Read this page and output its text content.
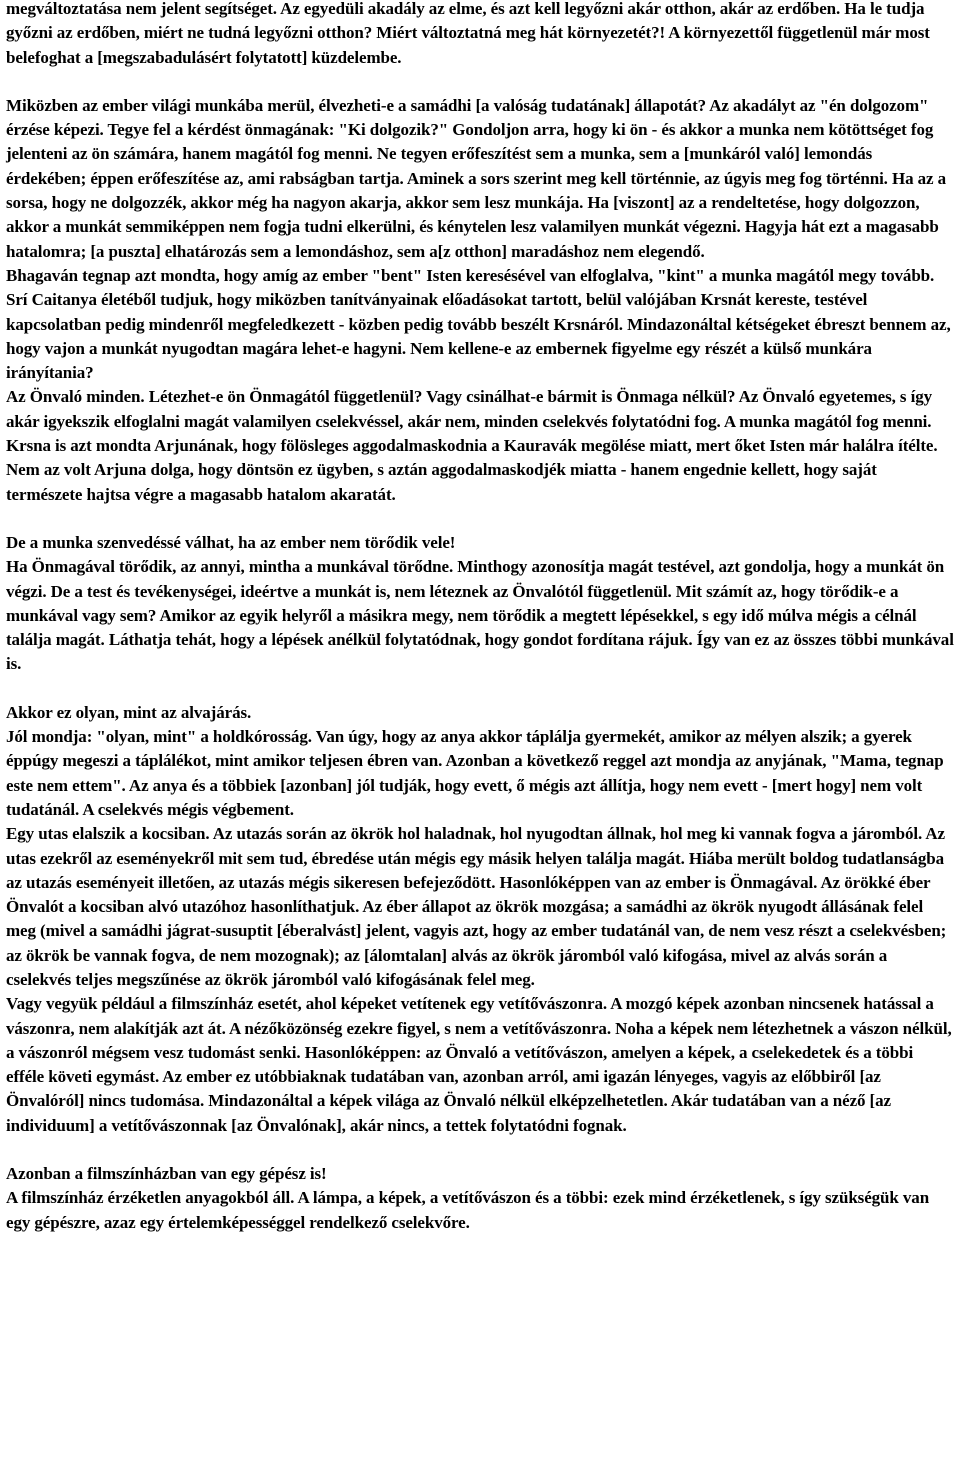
megváltoztatása nem jelent segítséget. Az egyedüli akadály az elme, és azt kell legyőzni akár otthon, akár az erdőben. Ha le tudja győzni az erdőben, miért ne tudná legyőzni otthon? Miért változtatná meg hát környezetét?! A környezettől függetlenül már most belefoghat a [megszabadulásért folytatott] küzdelembe.
Miközben az ember világi munkába merül, élvezheti-e a samádhi [a valóság tudatának] állapotát? Az akadályt az "én dolgozom" érzése képezi. Tegye fel a kérdést önmagának: "Ki dolgozik?" Gondoljon arra, hogy ki ön - és akkor a munka nem kötöttséget fog jelenteni az ön számára, hanem magától fog menni. Ne tegyen erőfeszítést sem a munka, sem a [munkáról való] lemondás érdekében; éppen erőfeszítése az, ami rabságban tartja. Aminek a sors szerint meg kell történnie, az úgyis meg fog történni. Ha az a sorsa, hogy ne dolgozzék, akkor még ha nagyon akarja, akkor sem lesz munkája. Ha [viszont] az a rendeltetése, hogy dolgozzon, akkor a munkát semmiképpen nem fogja tudni elkerülni, és kénytelen lesz valamilyen munkát végezni. Hagyja hát ezt a magasabb hatalomra; [a puszta] elhatározás sem a lemondáshoz, sem a[z otthon] maradáshoz nem elegendő.
Bhagaván tegnap azt mondta, hogy amíg az ember "bent" Isten keresésével van elfoglalva, "kint" a munka magától megy tovább. Srí Caitanya életéből tudjuk, hogy miközben tanítványainak előadásokat tartott, belül valójában Krsnát kereste, testével kapcsolatban pedig mindenről megfeledkezett - közben pedig tovább beszélt Krsnáról. Mindazonáltal kétségeket ébreszt bennem az, hogy vajon a munkát nyugodtan magára lehet-e hagyni. Nem kellene-e az embernek figyelme egy részét a külső munkára irányítania?
Az Önvaló minden. Létezhet-e ön Önmagától függetlenül? Vagy csinálhat-e bármit is Önmaga nélkül? Az Önvaló egyetemes, s így akár igyekszik elfoglalni magát valamilyen cselekvéssel, akár nem, minden cselekvés folytatódni fog. A munka magától fog menni. Krsna is azt mondta Arjunának, hogy fölösleges aggodalmaskodnia a Kauravák megölése miatt, mert őket Isten már halálra ítélte. Nem az volt Arjuna dolga, hogy döntsön ez ügyben, s aztán aggodalmaskodjék miatta - hanem engednie kellett, hogy saját természete hajtsa végre a magasabb hatalom akaratát.
De a munka szenvedéssé válhat, ha az ember nem törődik vele!
Ha Önmagával törődik, az annyi, mintha a munkával törődne. Minthogy azonosítja magát testével, azt gondolja, hogy a munkát ön végzi. De a test és tevékenységei, ideértve a munkát is, nem léteznek az Önvalótól függetlenül. Mit számít az, hogy törődik-e a munkával vagy sem? Amikor az egyik helyről a másikra megy, nem törődik a megtett lépésekkel, s egy idő múlva mégis a célnál találja magát. Láthatja tehát, hogy a lépések anélkül folytatódnak, hogy gondot fordítana rájuk. Így van ez az összes többi munkával is.
Akkor ez olyan, mint az alvajárás.
Jól mondja: "olyan, mint" a holdkórosság. Van úgy, hogy az anya akkor táplálja gyermekét, amikor az mélyen alszik; a gyerek éppúgy megeszi a táplálékot, mint amikor teljesen ébren van. Azonban a következő reggel azt mondja az anyjának, "Mama, tegnap este nem ettem". Az anya és a többiek [azonban] jól tudják, hogy evett, ő mégis azt állítja, hogy nem evett - [mert hogy] nem volt tudatánál. A cselekvés mégis végbement.
Egy utas elalszik a kocsiban. Az utazás során az ökrök hol haladnak, hol nyugodtan állnak, hol meg ki vannak fogva a járomból. Az utas ezekről az eseményekről mit sem tud, ébredése után mégis egy másik helyen találja magát. Hiába merült boldog tudatlanságba az utazás eseményeit illetően, az utazás mégis sikeresen befejeződött. Hasonlóképpen van az ember is Önmagával. Az örökké éber Önvalót a kocsiban alvó utazóhoz hasonlíthatjuk. Az éber állapot az ökrök mozgása; a samádhi az ökrök nyugodt állásának felel meg (mivel a samádhi jágrat-susuptit [éberalvást] jelent, vagyis azt, hogy az ember tudatánál van, de nem vesz részt a cselekvésben; az ökrök be vannak fogva, de nem mozognak); az [álomtalan] alvás az ökrök járomból való kifogása, mivel az alvás során a cselekvés teljes megszűnése az ökrök járomból való kifogásának felel meg.
Vagy vegyük például a filmszínház esetét, ahol képeket vetítenek egy vetítővászonra. A mozgó képek azonban nincsenek hatással a vászonra, nem alakítják azt át. A nézőközönség ezekre figyel, s nem a vetítővászonra. Noha a képek nem létezhetnek a vászon nélkül, a vászonról mégsem vesz tudomást senki. Hasonlóképpen: az Önvaló a vetítővászon, amelyen a képek, a cselekedetek és a többi efféle követi egymást. Az ember ez utóbbiaknak tudatában van, azonban arról, ami igazán lényeges, vagyis az előbbiről [az Önvalóról] nincs tudomása. Mindazonáltal a képek világa az Önvaló nélkül elképzelhetetlen. Akár tudatában van a néző [az individuum] a vetítővászonnak [az Önvalónak], akár nincs, a tettek folytatódni fognak.
Azonban a filmszínházban van egy gépész is!
A filmszínház érzéketlen anyagokból áll. A lámpa, a képek, a vetítővászon és a többi: ezek mind érzéketlenek, s így szükségük van egy gépészre, azaz egy értelemképességgel rendelkező cselekvőre.
